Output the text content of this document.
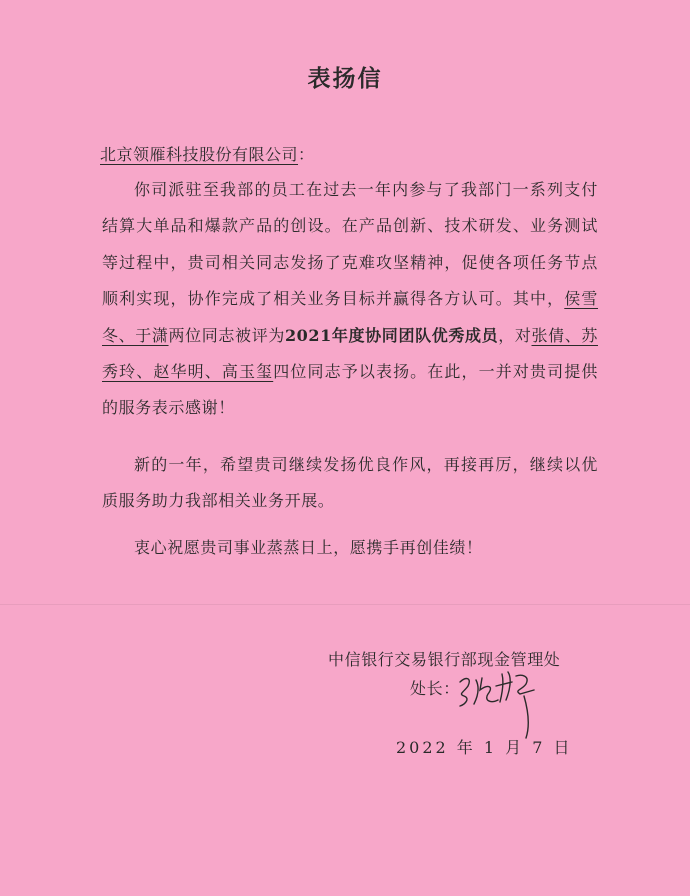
表扬信
北京领雁科技股份有限公司：

你司派驻至我部的员工在过去一年内参与了我部门一系列支付结算大单品和爆款产品的创设。在产品创新、技术研发、业务测试等过程中，贵司相关同志发扬了克难攻坚精神，促使各项任务节点顺利实现，协作完成了相关业务目标并赢得各方认可。其中，侯雪冬、于潇两位同志被评为2021年度协同团队优秀成员，对张倩、苏秀玲、赵华明、高玉玺四位同志予以表扬。在此，一并对贵司提供的服务表示感谢！

新的一年，希望贵司继续发扬优良作风，再接再厉，继续以优质服务助力我部相关业务开展。

衷心祝愿贵司事业蒸蒸日上，愿携手再创佳绩！

中信银行交易银行部现金管理处
处长：
2022 年 1 月 7 日
